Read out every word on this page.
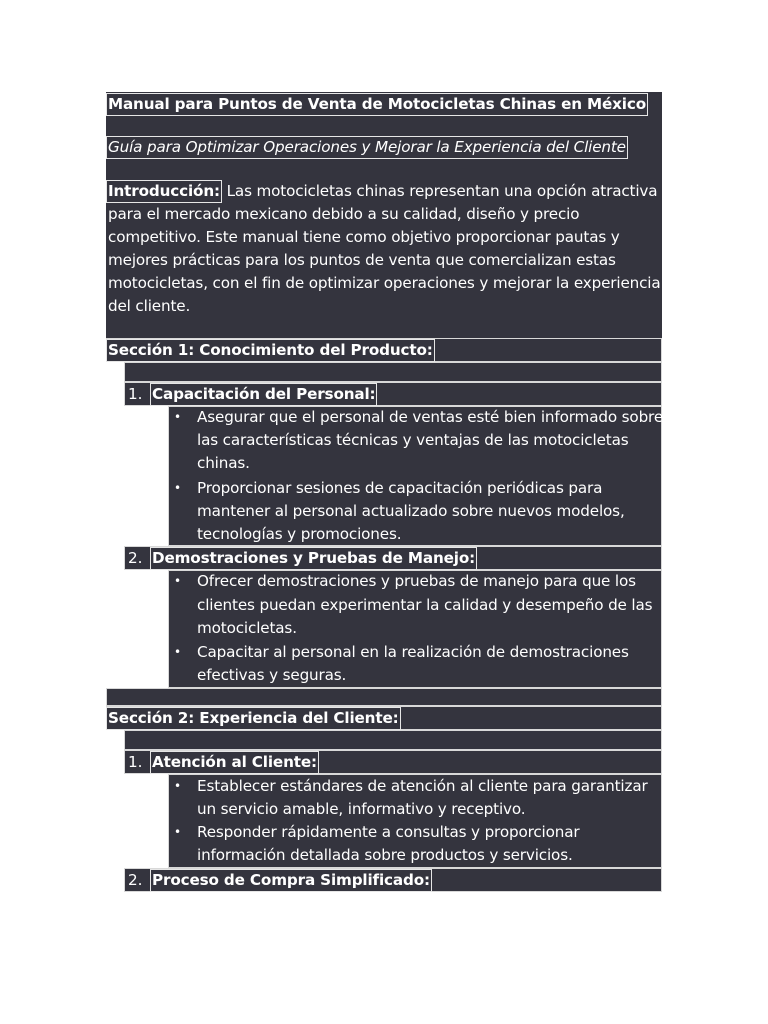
Manual para Puntos de Venta de Motocicletas Chinas en México
Guía para Optimizar Operaciones y Mejorar la Experiencia del Cliente
Introducción: Las motocicletas chinas representan una opción atractiva
para el mercado mexicano debido a su calidad, diseño y precio
competitivo. Este manual tiene como objetivo proporcionar pautas y
mejores prácticas para los puntos de venta que comercializan estas
motocicletas, con el fin de optimizar operaciones y mejorar la experiencia
del cliente.
Sección 1: Conocimiento del Producto:
1. Capacitación del Personal:
• Asegurar que el personal de ventas esté bien informado sobre
las características técnicas y ventajas de las motocicletas
chinas.
• Proporcionar sesiones de capacitación periódicas para
mantener al personal actualizado sobre nuevos modelos,
tecnologías y promociones.
2. Demostraciones y Pruebas de Manejo:
• Ofrecer demostraciones y pruebas de manejo para que los
clientes puedan experimentar la calidad y desempeño de las
motocicletas.
• Capacitar al personal en la realización de demostraciones
efectivas y seguras.
Sección 2: Experiencia del Cliente:
1. Atención al Cliente:
• Establecer estándares de atención al cliente para garantizar
un servicio amable, informativo y receptivo.
• Responder rápidamente a consultas y proporcionar
información detallada sobre productos y servicios.
2. Proceso de Compra Simplificado:
